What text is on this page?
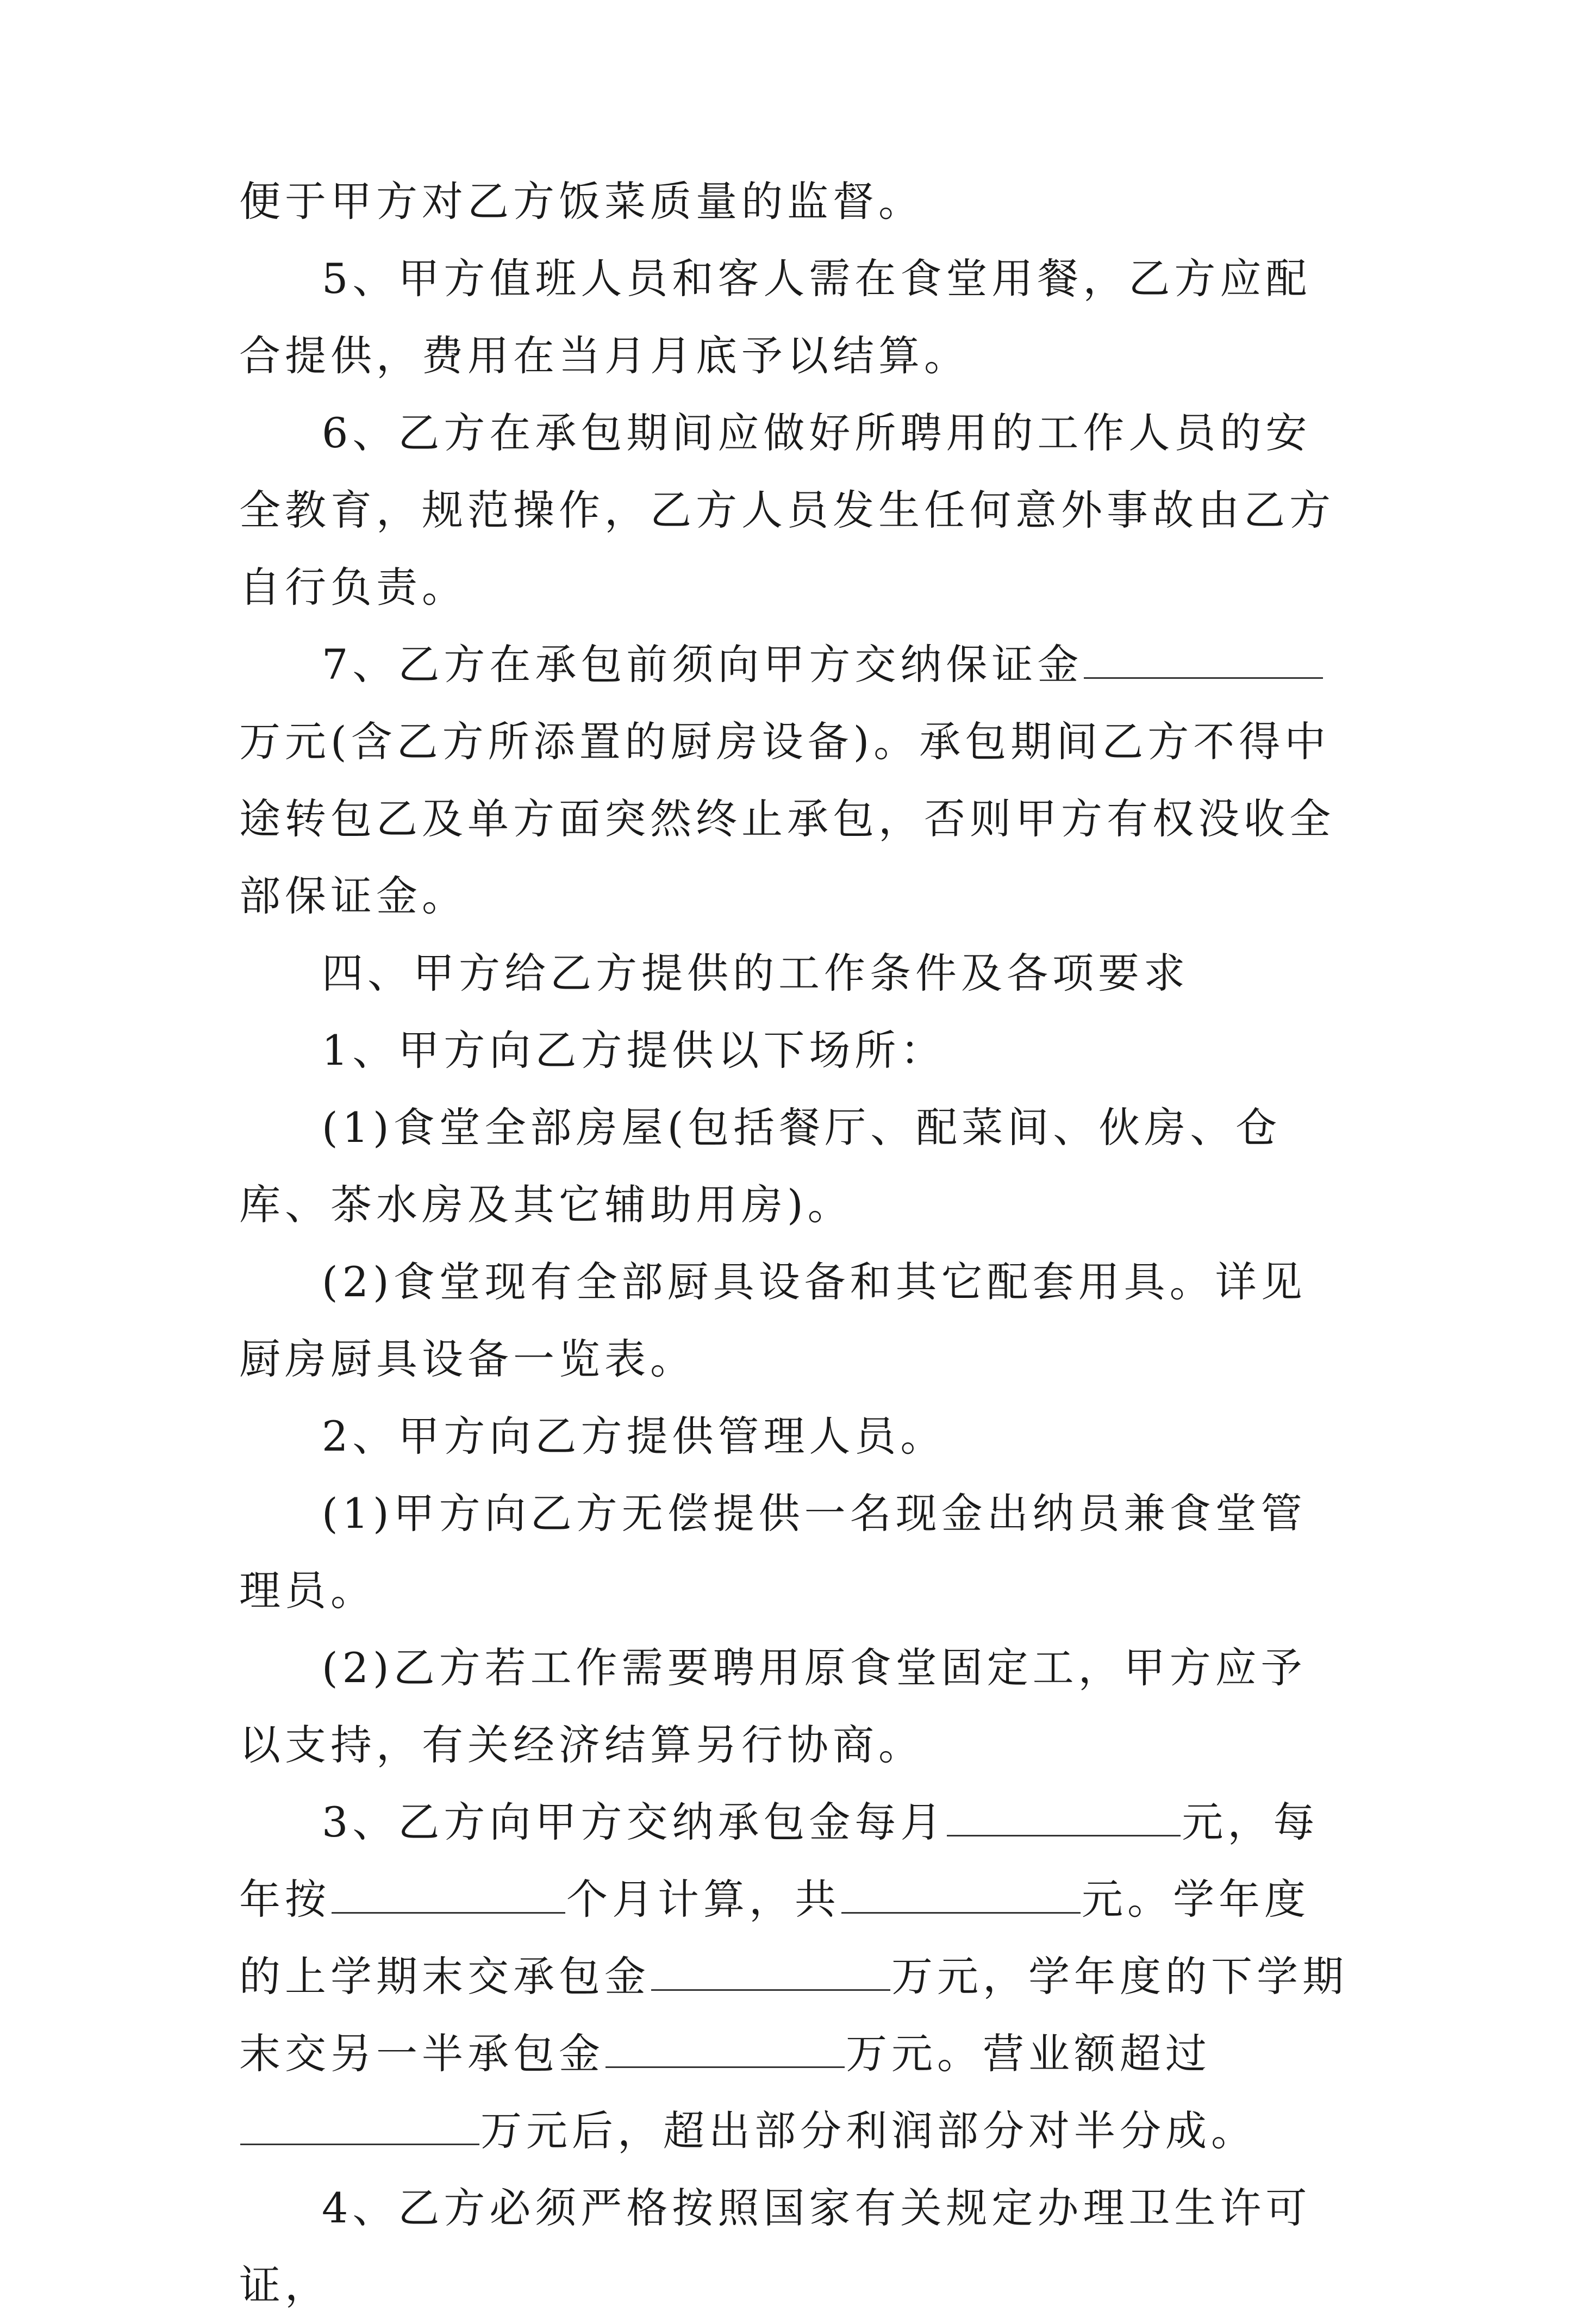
便于甲方对乙方饭菜质量的监督。

5、甲方值班人员和客人需在食堂用餐，乙方应配合提供，费用在当月月底予以结算。

6、乙方在承包期间应做好所聘用的工作人员的安全教育，规范操作，乙方人员发生任何意外事故由乙方自行负责。

7、乙方在承包前须向甲方交纳保证金万元(含乙方所添置的厨房设备)。承包期间乙方不得中途转包乙及单方面突然终止承包，否则甲方有权没收全部保证金。

四、甲方给乙方提供的工作条件及各项要求

1、甲方向乙方提供以下场所：

(1)食堂全部房屋(包括餐厅、配菜间、伙房、仓库、茶水房及其它辅助用房)。

(2)食堂现有全部厨具设备和其它配套用具。详见厨房厨具设备一览表。

2、甲方向乙方提供管理人员。

(1)甲方向乙方无偿提供一名现金出纳员兼食堂管理员。

(2)乙方若工作需要聘用原食堂固定工，甲方应予以支持，有关经济结算另行协商。

3、乙方向甲方交纳承包金每月	元，每年按	个月计算，共	元。学年度的上学期末交承包金	万元，学年度的下学期末交另一半承包金	万元。营业额超过万元后，超出部分利润部分对半分成。

4、乙方必须严格按照国家有关规定办理卫生许可证，
